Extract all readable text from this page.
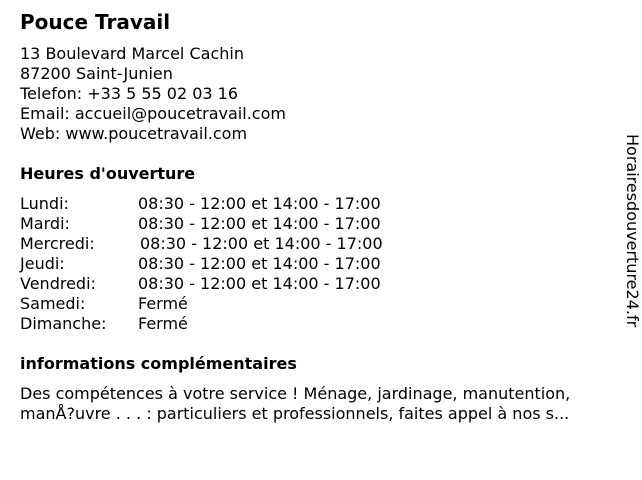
Pouce Travail
13 Boulevard Marcel Cachin
87200 Saint-Junien
Telefon: +33 5 55 02 03 16
Email: accueil@poucetravail.com
Web: www.poucetravail.com
Heures d'ouverture
Lundi:	08:30 - 12:00 et 14:00 - 17:00
Mardi:	08:30 - 12:00 et 14:00 - 17:00
Mercredi:	08:30 - 12:00 et 14:00 - 17:00
Jeudi:	08:30 - 12:00 et 14:00 - 17:00
Vendredi:	08:30 - 12:00 et 14:00 - 17:00
Samedi:	Fermé
Dimanche:	Fermé
informations complémentaires
Des compétences à votre service ! Ménage, jardinage, manutention,
manÅ?uvre . . . : particuliers et professionnels, faites appel à nos s...
Horairesdouverture24.fr
